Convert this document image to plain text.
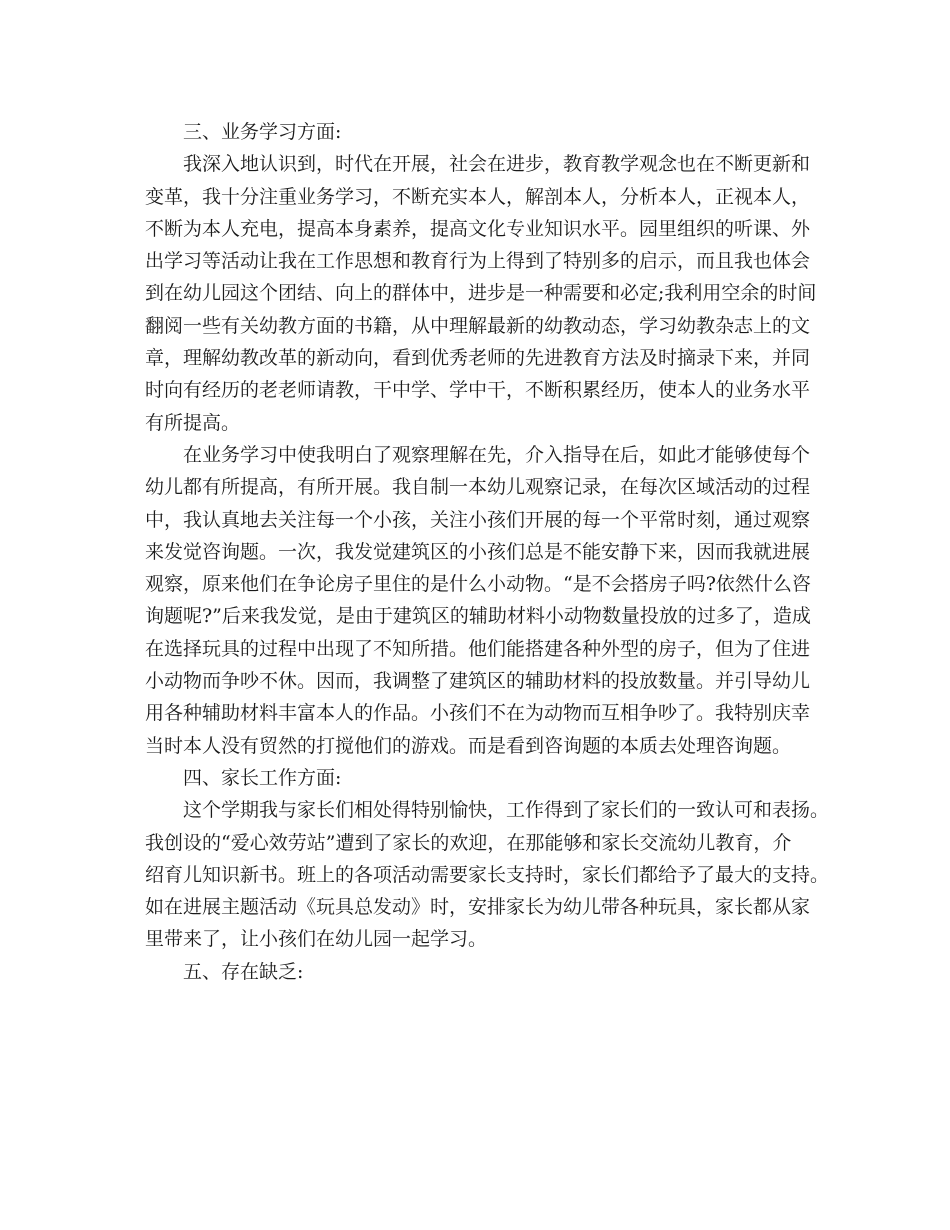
三、业务学习方面:

我深入地认识到，时代在开展，社会在进步，教育教学观念也在不断更新和

变革，我十分注重业务学习，不断充实本人，解剖本人，分析本人，正视本人，

不断为本人充电，提高本身素养，提高文化专业知识水平。园里组织的听课、外

出学习等活动让我在工作思想和教育行为上得到了特别多的启示，而且我也体会

到在幼儿园这个团结、向上的群体中，进步是一种需要和必定;我利用空余的时间

翻阅一些有关幼教方面的书籍，从中理解最新的幼教动态，学习幼教杂志上的文

章，理解幼教改革的新动向，看到优秀老师的先进教育方法及时摘录下来，并同

时向有经历的老老师请教，干中学、学中干，不断积累经历，使本人的业务水平

有所提高。

在业务学习中使我明白了观察理解在先，介入指导在后，如此才能够使每个

幼儿都有所提高，有所开展。我自制一本幼儿观察记录，在每次区域活动的过程

中，我认真地去关注每一个小孩，关注小孩们开展的每一个平常时刻，通过观察

来发觉咨询题。一次，我发觉建筑区的小孩们总是不能安静下来，因而我就进展

观察，原来他们在争论房子里住的是什么小动物。“是不会搭房子吗?依然什么咨

询题呢?”后来我发觉，是由于建筑区的辅助材料小动物数量投放的过多了，造成

在选择玩具的过程中出现了不知所措。他们能搭建各种外型的房子，但为了住进

小动物而争吵不休。因而，我调整了建筑区的辅助材料的投放数量。并引导幼儿

用各种辅助材料丰富本人的作品。小孩们不在为动物而互相争吵了。我特别庆幸

当时本人没有贸然的打搅他们的游戏。而是看到咨询题的本质去处理咨询题。

四、家长工作方面:

这个学期我与家长们相处得特别愉快，工作得到了家长们的一致认可和表扬。

我创设的“爱心效劳站”遭到了家长的欢迎，在那能够和家长交流幼儿教育，介

绍育儿知识新书。班上的各项活动需要家长支持时，家长们都给予了最大的支持。

如在进展主题活动《玩具总发动》时，安排家长为幼儿带各种玩具，家长都从家

里带来了，让小孩们在幼儿园一起学习。

五、存在缺乏:
